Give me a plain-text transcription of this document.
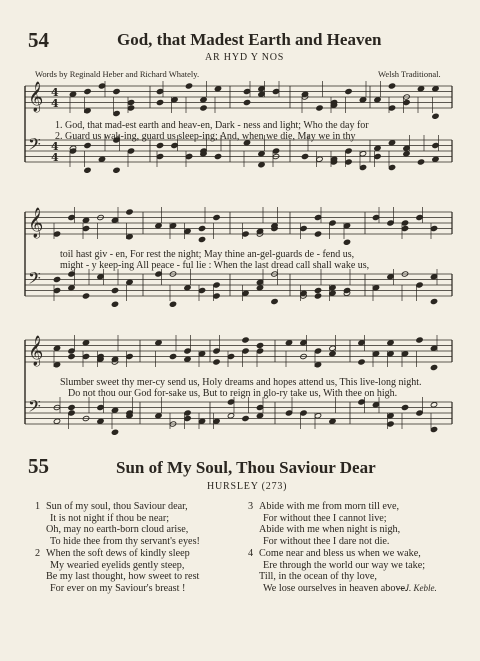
54	God, that Madest Earth and Heaven
AR HYD Y NOS
Words by Reginald Heber and Richard Whately.	Welsh Traditional.
𝄞 4
4
𝄢 4
4
𝄞
𝄢
𝄞
𝄢
1. God, that mad-est earth and heav-en, Dark - ness and light; Who the day for
2. Guard us wak-ing, guard us sleep-ing; And, when we die, May we in thy
toil hast giv - en, For rest the night; May thine an-gel-guards de - fend us,
might - y keep-ing All peace - ful lie : When the last dread call shall wake us,
Slumber sweet thy mer-cy send us, Holy dreams and hopes attend us, This live-long night.
Do not thou our God for-sake us, But to reign in glo-ry take us, With thee on high.
55	Sun of My Soul, Thou Saviour Dear
HURSLEY (273)
1 Sun of my soul, thou Saviour dear,
It is not night if thou be near;
Oh, may no earth-born cloud arise,
To hide thee from thy servant's eyes!
2 When the soft dews of kindly sleep
My wearied eyelids gently steep,
Be my last thought, how sweet to rest
For ever on my Saviour's breast !
3 Abide with me from morn till eve,
For without thee I cannot live;
Abide with me when night is nigh,
For without thee I dare not die.
4 Come near and bless us when we wake,
Ere through the world our way we take;
Till, in the ocean of thy love,
We lose ourselves in heaven above.
—J. Keble.
